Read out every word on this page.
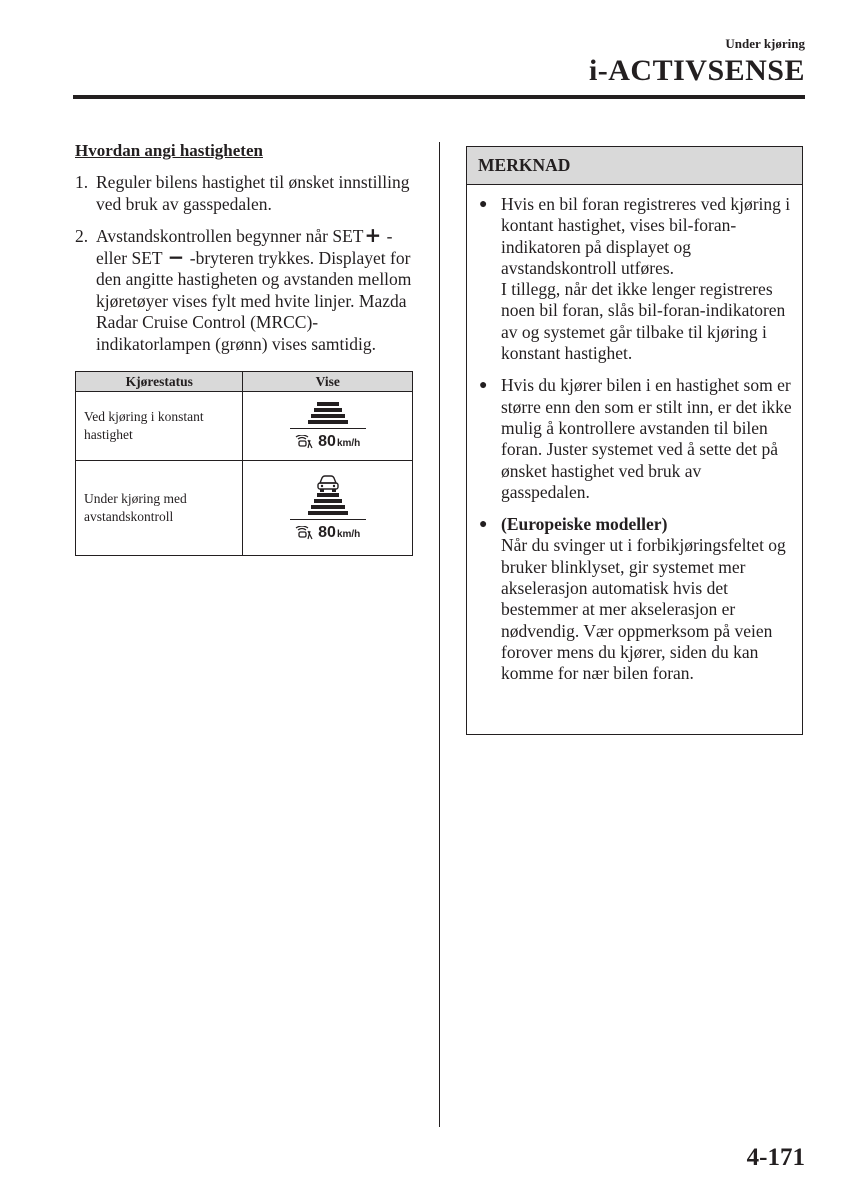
Under kjøring
i-ACTIVSENSE
Hvordan angi hastigheten
1. Reguler bilens hastighet til ønsket innstilling ved bruk av gasspedalen.
2. Avstandskontrollen begynner når SET+ - eller SET − -bryteren trykkes. Displayet for den angitte hastigheten og avstanden mellom kjøretøyer vises fylt med hvite linjer. Mazda Radar Cruise Control (MRCC)-indikatorlampen (grønn) vises samtidig.
Kjørestatus	Vise
Ved kjøring i konstant hastighet	80 km/h

Under kjøring med avstandskontroll	80 km/h
MERKNAD
● Hvis en bil foran registreres ved kjøring i kontant hastighet, vises bil-foran-indikatoren på displayet og avstandskontroll utføres.
I tillegg, når det ikke lenger registreres noen bil foran, slås bil-foran-indikatoren av og systemet går tilbake til kjøring i konstant hastighet.
● Hvis du kjører bilen i en hastighet som er større enn den som er stilt inn, er det ikke mulig å kontrollere avstanden til bilen foran. Juster systemet ved å sette det på ønsket hastighet ved bruk av gasspedalen.
● (Europeiske modeller)
Når du svinger ut i forbikjøringsfeltet og bruker blinklyset, gir systemet mer akselerasjon automatisk hvis det bestemmer at mer akselerasjon er nødvendig. Vær oppmerksom på veien forover mens du kjører, siden du kan komme for nær bilen foran.
4-171
